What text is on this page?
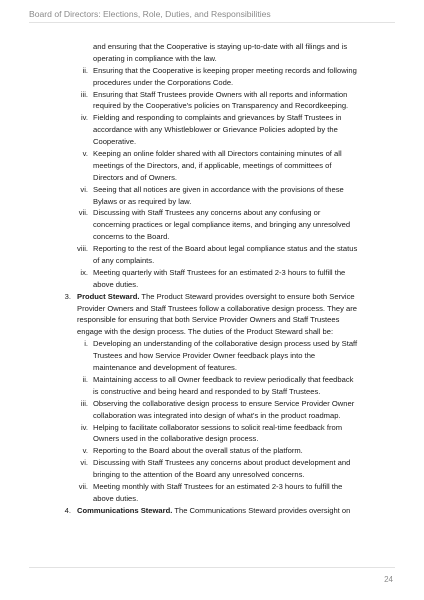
Board of Directors: Elections, Role, Duties, and Responsibilities
and ensuring that the Cooperative is staying up-to-date with all filings and is
operating in compliance with the law.
ii. Ensuring that the Cooperative is keeping proper meeting records and following
procedures under the Corporations Code.
iii. Ensuring that Staff Trustees provide Owners with all reports and information
required by the Cooperative's policies on Transparency and Recordkeeping.
iv. Fielding and responding to complaints and grievances by Staff Trustees in
accordance with any Whistleblower or Grievance Policies adopted by the
Cooperative.
v. Keeping an online folder shared with all Directors containing minutes of all
meetings of the Directors, and, if applicable, meetings of committees of
Directors and of Owners.
vi. Seeing that all notices are given in accordance with the provisions of these
Bylaws or as required by law.
vii. Discussing with Staff Trustees any concerns about any confusing or
concerning practices or legal compliance items, and bringing any unresolved
concerns to the Board.
viii. Reporting to the rest of the Board about legal compliance status and the status
of any complaints.
ix. Meeting quarterly with Staff Trustees for an estimated 2-3 hours to fulfill the
above duties.
3. Product Steward. The Product Steward provides oversight to ensure both Service
Provider Owners and Staff Trustees follow a collaborative design process. They are
responsible for ensuring that both Service Provider Owners and Staff Trustees
engage with the design process. The duties of the Product Steward shall be:
i. Developing an understanding of the collaborative design process used by Staff
Trustees and how Service Provider Owner feedback plays into the
maintenance and development of features.
ii. Maintaining access to all Owner feedback to review periodically that feedback
is constructive and being heard and responded to by Staff Trustees.
iii. Observing the collaborative design process to ensure Service Provider Owner
collaboration was integrated into design of what's in the product roadmap.
iv. Helping to facilitate collaborator sessions to solicit real-time feedback from
Owners used in the collaborative design process.
v. Reporting to the Board about the overall status of the platform.
vi. Discussing with Staff Trustees any concerns about product development and
bringing to the attention of the Board any unresolved concerns.
vii. Meeting monthly with Staff Trustees for an estimated 2-3 hours to fulfill the
above duties.
4. Communications Steward. The Communications Steward provides oversight on
24
